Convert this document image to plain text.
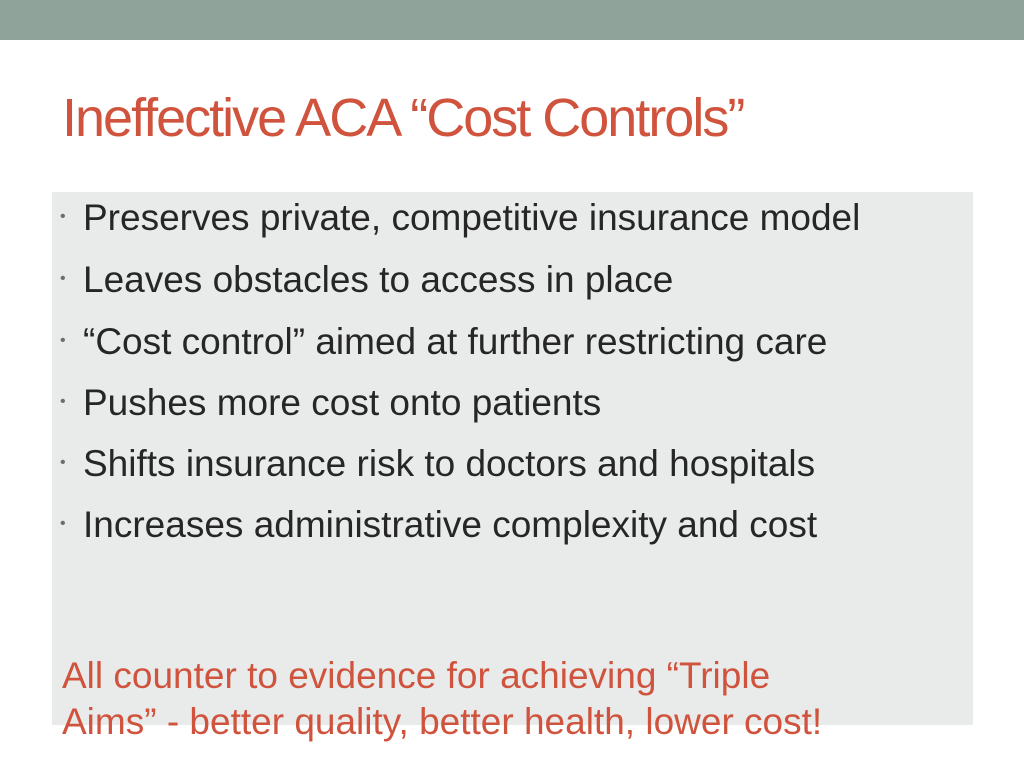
Ineffective ACA “Cost Controls”
• Preserves private, competitive insurance model
• Leaves obstacles to access in place
• “Cost control” aimed at further restricting care
• Pushes more cost onto patients
• Shifts insurance risk to doctors and hospitals
• Increases administrative complexity and cost

All counter to evidence for achieving “Triple
Aims” - better quality, better health, lower cost!
